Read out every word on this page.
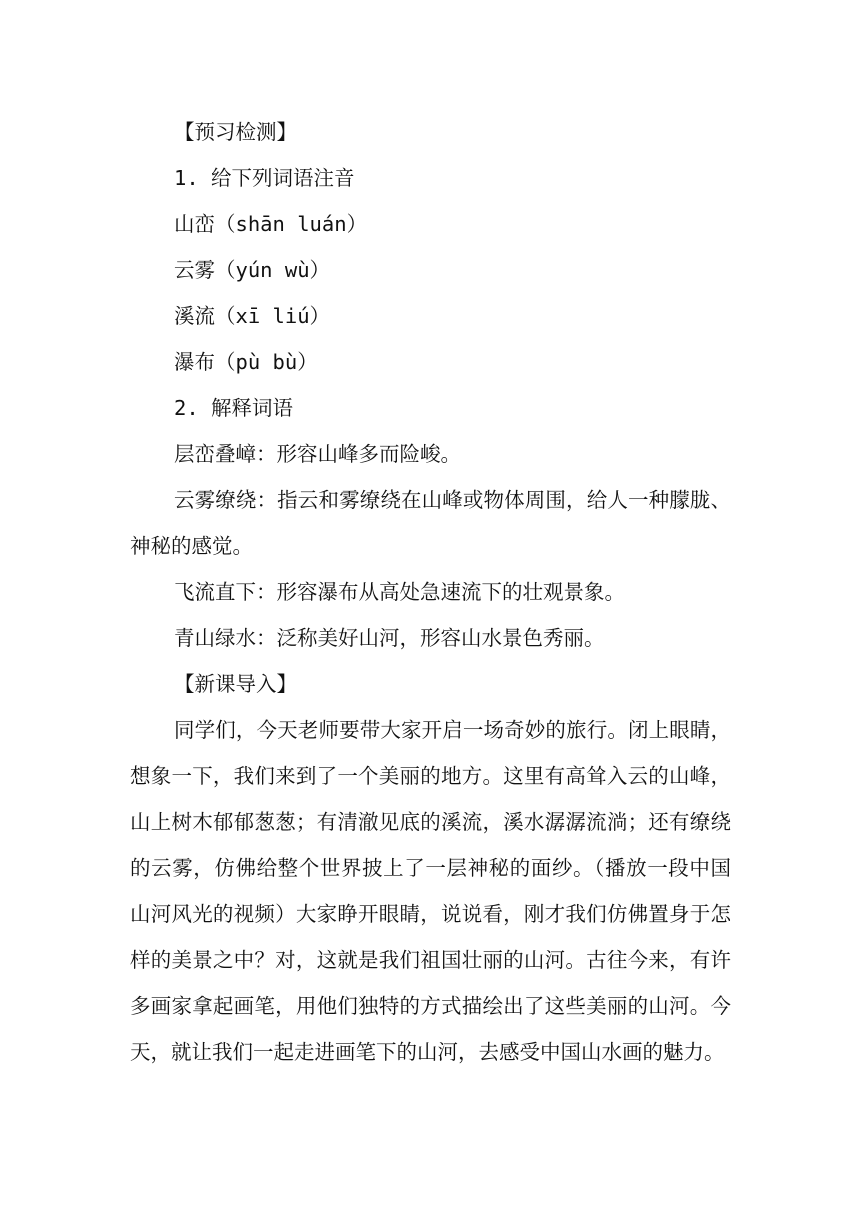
【预习检测】

1. 给下列词语注音

山峦（shān luán）

云雾（yún wù）

溪流（xī liú）

瀑布（pù bù）

2. 解释词语

层峦叠嶂：形容山峰多而险峻。

云雾缭绕：指云和雾缭绕在山峰或物体周围，给人一种朦胧、神秘的感觉。

飞流直下：形容瀑布从高处急速流下的壮观景象。

青山绿水：泛称美好山河，形容山水景色秀丽。

【新课导入】

同学们，今天老师要带大家开启一场奇妙的旅行。闭上眼睛，想象一下，我们来到了一个美丽的地方。这里有高耸入云的山峰，山上树木郁郁葱葱；有清澈见底的溪流，溪水潺潺流淌；还有缭绕的云雾，仿佛给整个世界披上了一层神秘的面纱。（播放一段中国山河风光的视频）大家睁开眼睛，说说看，刚才我们仿佛置身于怎样的美景之中？对，这就是我们祖国壮丽的山河。古往今来，有许多画家拿起画笔，用他们独特的方式描绘出了这些美丽的山河。今天，就让我们一起走进画笔下的山河，去感受中国山水画的魅力。
